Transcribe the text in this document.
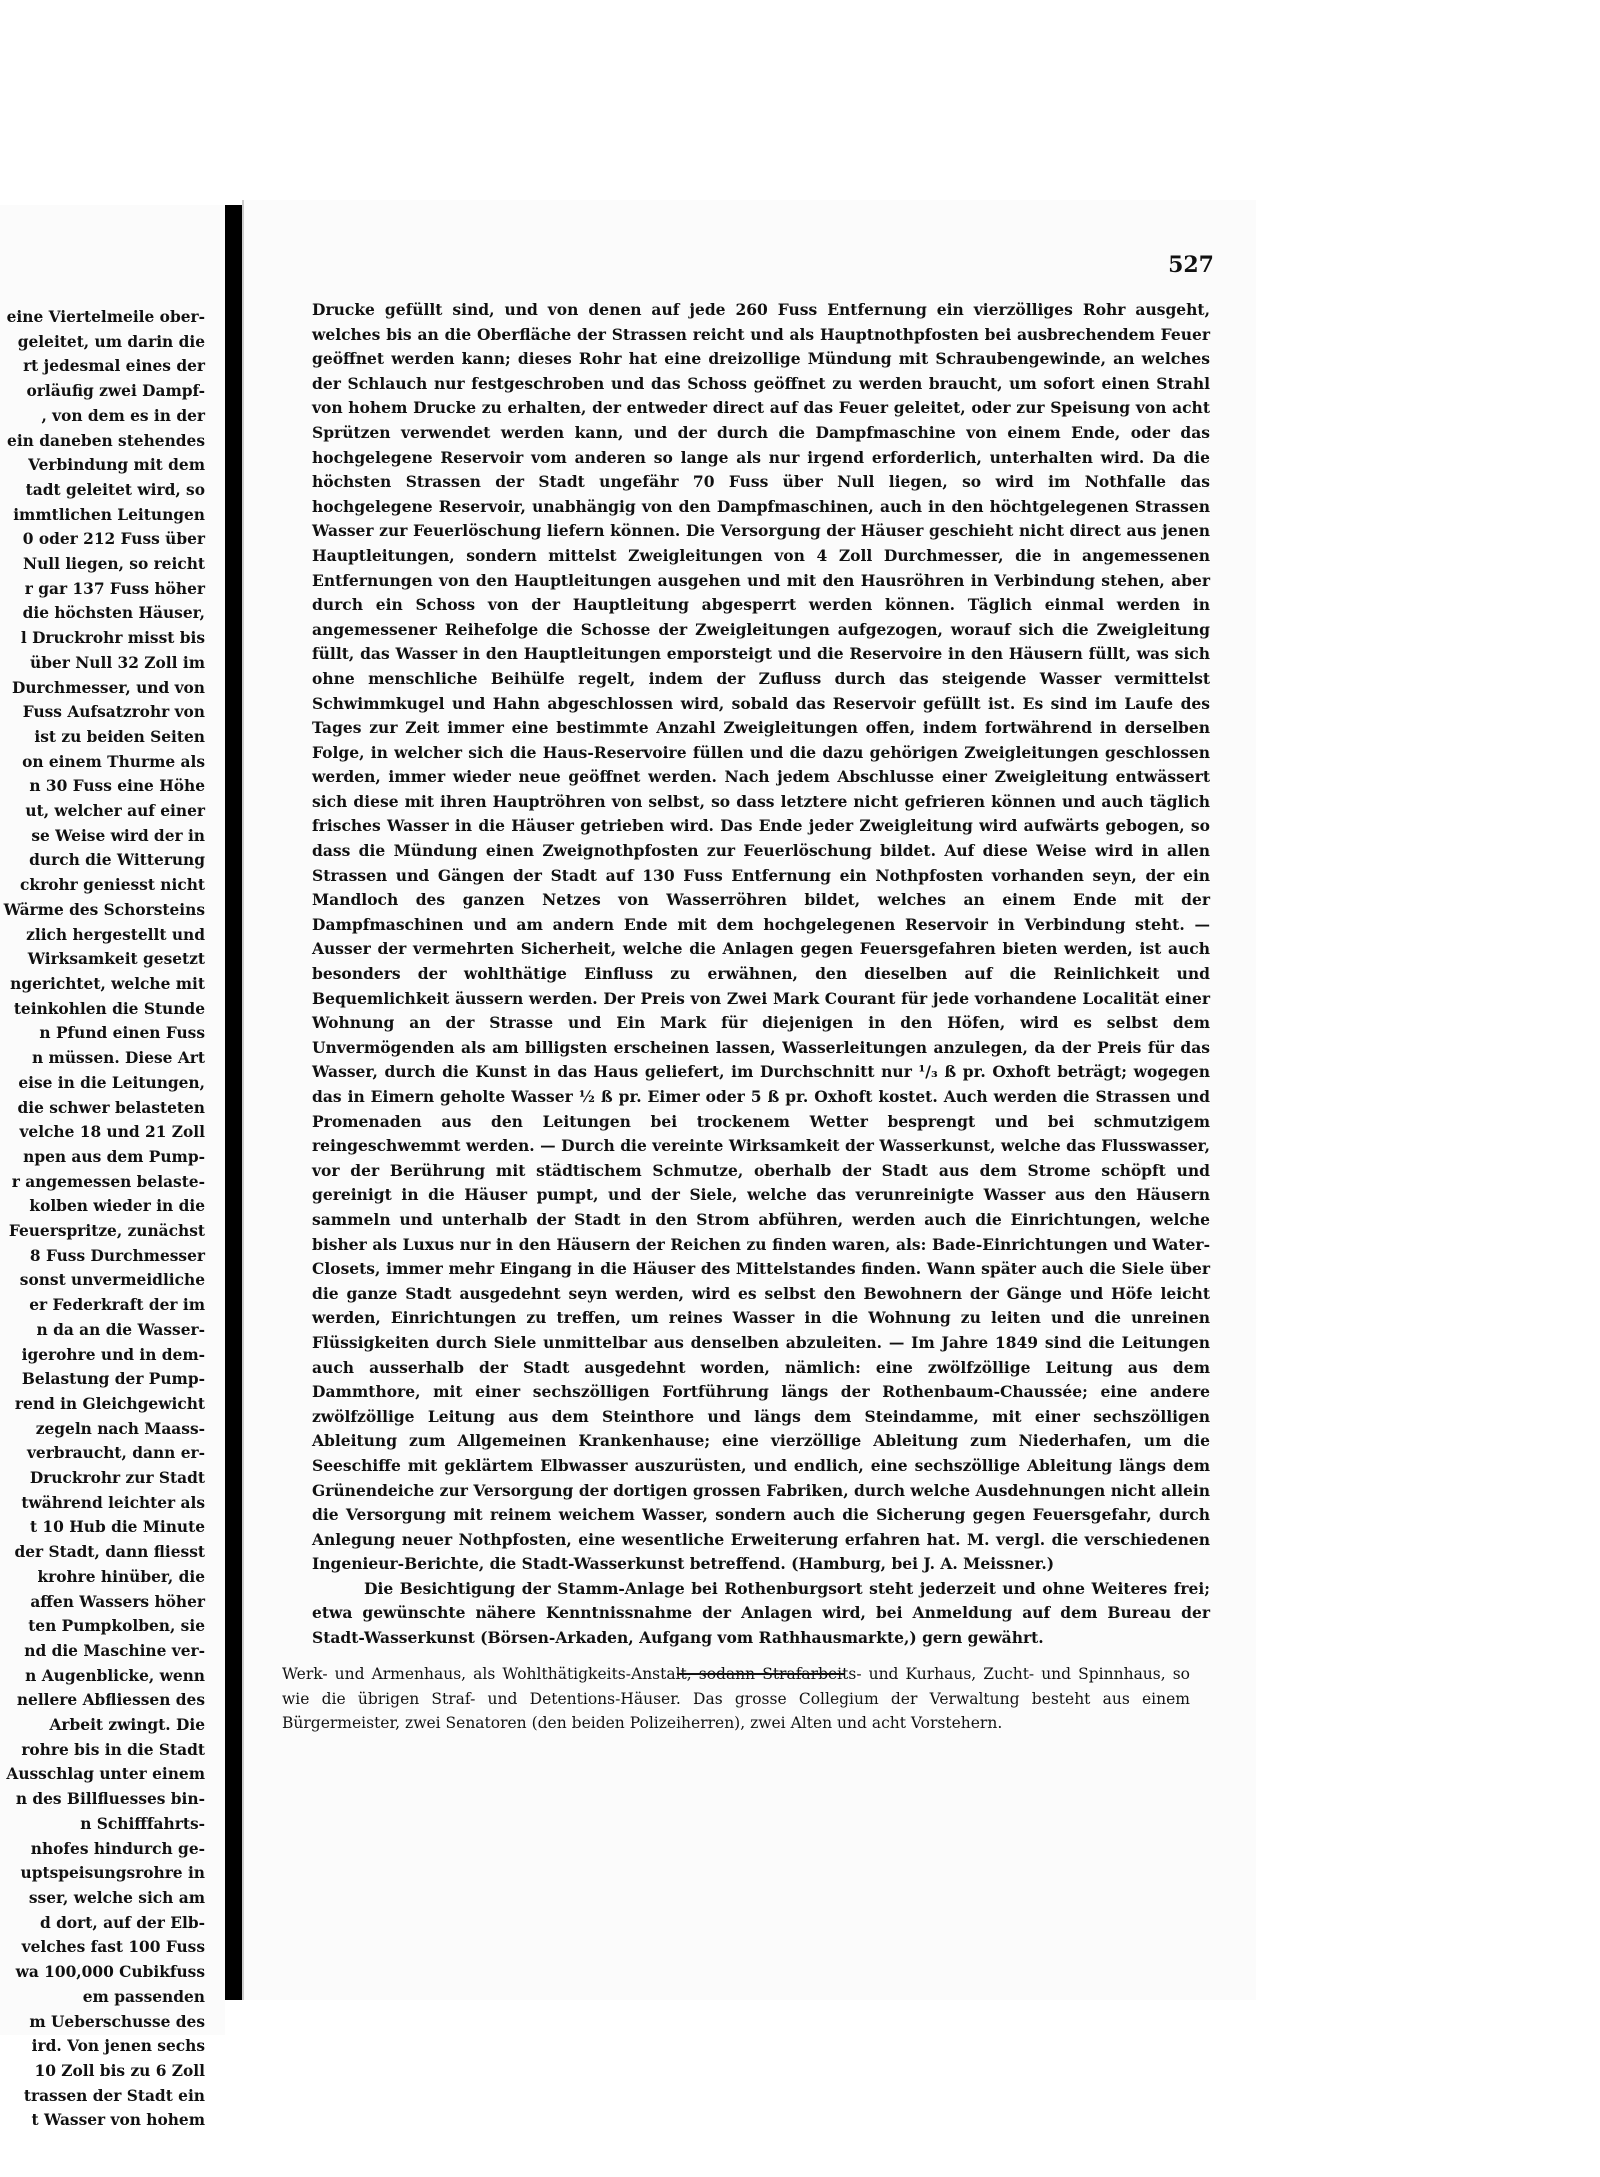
eine Viertelmeile ober-
geleitet, um darin die
rt jedesmal eines der
orläufig zwei Dampf-
, von dem es in der
ein daneben stehendes
Verbindung mit dem
tadt geleitet wird, so
immtlichen Leitungen
0 oder 212 Fuss über
Null liegen, so reicht
r gar 137 Fuss höher
die höchsten Häuser,
l Druckrohr misst bis
über Null 32 Zoll im
Durchmesser, und von
Fuss Aufsatzrohr von
ist zu beiden Seiten
on einem Thurme als
n 30 Fuss eine Höhe
ut, welcher auf einer
se Weise wird der in
durch die Witterung
ckrohr geniesst nicht
Wärme des Schorsteins
zlich hergestellt und
Wirksamkeit gesetzt
ngerichtet, welche mit
teinkohlen die Stunde
n Pfund einen Fuss
n müssen. Diese Art
eise in die Leitungen,
die schwer belasteten
velche 18 und 21 Zoll
npen aus dem Pump-
r angemessen belaste-
kolben wieder in die
Feuerspritze, zunächst
8 Fuss Durchmesser
sonst unvermeidliche
er Federkraft der im
n da an die Wasser-
igerohre und in dem-
Belastung der Pump-
rend in Gleichgewicht
zegeln nach Maass-
verbraucht, dann er-
Druckrohr zur Stadt
twährend leichter als
t 10 Hub die Minute
der Stadt, dann fliesst
krohre hinüber, die
affen Wassers höher
ten Pumpkolben, sie
nd die Maschine ver-
n Augenblicke, wenn
nellere Abfliessen des
Arbeit zwingt. Die
rohre bis in die Stadt
Ausschlag unter einem
n des Billfluesses bin-
n Schifffahrts-
nhofes hindurch ge-
uptspeisungsrohre in
sser, welche sich am
d dort, auf der Elb-
velches fast 100 Fuss
wa 100,000 Cubikfuss
em passenden
m Ueberschusse des
ird. Von jenen sechs
10 Zoll bis zu 6 Zoll
trassen der Stadt ein
t Wasser von hohem
527

Drucke gefüllt sind, und von denen auf jede 260 Fuss Entfernung ein vierzölliges Rohr ausgeht, welches bis an die Oberfläche der Strassen reicht und als Hauptnothpfosten bei ausbrechendem Feuer geöffnet werden kann; dieses Rohr hat eine dreizollige Mündung mit Schraubengewinde, an welches der Schlauch nur festgeschroben und das Schoss geöffnet zu werden braucht, um sofort einen Strahl von hohem Drucke zu erhalten, der entweder direct auf das Feuer geleitet, oder zur Speisung von acht Sprützen verwendet werden kann, und der durch die Dampfmaschine von einem Ende, oder das hochgelegene Reservoir vom anderen so lange als nur irgend erforderlich, unterhalten wird. Da die höchsten Strassen der Stadt ungefähr 70 Fuss über Null liegen, so wird im Nothfalle das hochgelegene Reservoir, unabhängig von den Dampfmaschinen, auch in den höchtgelegenen Strassen Wasser zur Feuerlöschung liefern können. Die Versorgung der Häuser geschieht nicht direct aus jenen Hauptleitungen, sondern mittelst Zweigleitungen von 4 Zoll Durchmesser, die in angemessenen Entfernungen von den Hauptleitungen ausgehen und mit den Hausröhren in Verbindung stehen, aber durch ein Schoss von der Hauptleitung abgesperrt werden können. Täglich einmal werden in angemessener Reihefolge die Schosse der Zweigleitungen aufgezogen, worauf sich die Zweigleitung füllt, das Wasser in den Hauptleitungen emporsteigt und die Reservoire in den Häusern füllt, was sich ohne menschliche Beihülfe regelt, indem der Zufluss durch das steigende Wasser vermittelst Schwimmkugel und Hahn abgeschlossen wird, sobald das Reservoir gefüllt ist. Es sind im Laufe des Tages zur Zeit immer eine bestimmte Anzahl Zweigleitungen offen, indem fortwährend in derselben Folge, in welcher sich die Haus-Reservoire füllen und die dazu gehörigen Zweigleitungen geschlossen werden, immer wieder neue geöffnet werden. Nach jedem Abschlusse einer Zweigleitung entwässert sich diese mit ihren Hauptröhren von selbst, so dass letztere nicht gefrieren können und auch täglich frisches Wasser in die Häuser getrieben wird. Das Ende jeder Zweigleitung wird aufwärts gebogen, so dass die Mündung einen Zweignothpfosten zur Feuerlöschung bildet. Auf diese Weise wird in allen Strassen und Gängen der Stadt auf 130 Fuss Entfernung ein Nothpfosten vorhanden seyn, der ein Mandloch des ganzen Netzes von Wasserröhren bildet, welches an einem Ende mit der Dampfmaschinen und am andern Ende mit dem hochgelegenen Reservoir in Verbindung steht. — Ausser der vermehrten Sicherheit, welche die Anlagen gegen Feuersgefahren bieten werden, ist auch besonders der wohlthätige Einfluss zu erwähnen, den dieselben auf die Reinlichkeit und Bequemlichkeit äussern werden. Der Preis von Zwei Mark Courant für jede vorhandene Localität einer Wohnung an der Strasse und Ein Mark für diejenigen in den Höfen, wird es selbst dem Unvermögenden als am billigsten erscheinen lassen, Wasserleitungen anzulegen, da der Preis für das Wasser, durch die Kunst in das Haus geliefert, im Durchschnitt nur ¹/₃ ß pr. Oxhoft beträgt; wogegen das in Eimern geholte Wasser ½ ß pr. Eimer oder 5 ß pr. Oxhoft kostet. Auch werden die Strassen und Promenaden aus den Leitungen bei trockenem Wetter besprengt und bei schmutzigem reingeschwemmt werden. — Durch die vereinte Wirksamkeit der Wasserkunst, welche das Flusswasser, vor der Berührung mit städtischem Schmutze, oberhalb der Stadt aus dem Strome schöpft und gereinigt in die Häuser pumpt, und der Siele, welche das verunreinigte Wasser aus den Häusern sammeln und unterhalb der Stadt in den Strom abführen, werden auch die Einrichtungen, welche bisher als Luxus nur in den Häusern der Reichen zu finden waren, als: Bade-Einrichtungen und Water-Closets, immer mehr Eingang in die Häuser des Mittelstandes finden. Wann später auch die Siele über die ganze Stadt ausgedehnt seyn werden, wird es selbst den Bewohnern der Gänge und Höfe leicht werden, Einrichtungen zu treffen, um reines Wasser in die Wohnung zu leiten und die unreinen Flüssigkeiten durch Siele unmittelbar aus denselben abzuleiten. — Im Jahre 1849 sind die Leitungen auch ausserhalb der Stadt ausgedehnt worden, nämlich: eine zwölfzöllige Leitung aus dem Dammthore, mit einer sechszölligen Fortführung längs der Rothenbaum-Chaussée; eine andere zwölfzöllige Leitung aus dem Steinthore und längs dem Steindamme, mit einer sechszölligen Ableitung zum Allgemeinen Krankenhause; eine vierzöllige Ableitung zum Niederhafen, um die Seeschiffe mit geklärtem Elbwasser auszurüsten, und endlich, eine sechszöllige Ableitung längs dem Grünendeiche zur Versorgung der dortigen grossen Fabriken, durch welche Ausdehnungen nicht allein die Versorgung mit reinem weichem Wasser, sondern auch die Sicherung gegen Feuersgefahr, durch Anlegung neuer Nothpfosten, eine wesentliche Erweiterung erfahren hat. M. vergl. die verschiedenen Ingenieur-Berichte, die Stadt-Wasserkunst betreffend. (Hamburg, bei J. A. Meissner.)

Die Besichtigung der Stamm-Anlage bei Rothenburgsort steht jederzeit und ohne Weiteres frei; etwa gewünschte nähere Kenntnissnahme der Anlagen wird, bei Anmeldung auf dem Bureau der Stadt-Wasserkunst (Börsen-Arkaden, Aufgang vom Rathhausmarkte,) gern gewährt.

Werk- und Armenhaus, als Wohlthätigkeits-Anstalt, sodann Strafarbeits- und Kurhaus, Zucht- und Spinnhaus, so wie die übrigen Straf- und Detentions-Häuser. Das grosse Collegium der Verwaltung besteht aus einem Bürgermeister, zwei Senatoren (den beiden Polizeiherren), zwei Alten und acht Vorstehern.
